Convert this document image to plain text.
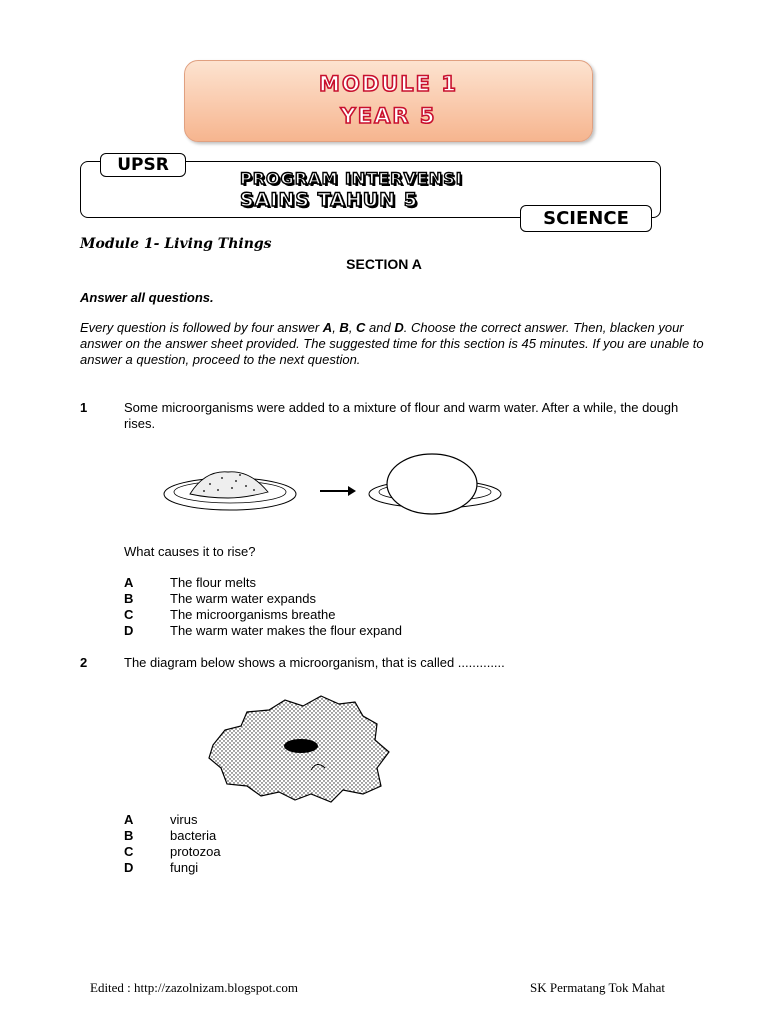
MODULE 1
YEAR 5
UPSR
PROGRAM INTERVENSI
SAINS TAHUN 5
SCIENCE
Module 1- Living Things
SECTION A
Answer all questions.
Every question is followed by four answer A, B, C and D. Choose the correct answer. Then, blacken your answer on the answer sheet provided. The suggested time for this section is 45 minutes. If you are unable to answer a question, proceed to the next question.
1	Some microorganisms were added to a mixture of flour and warm water. After a while, the dough rises.
What causes it to rise?
A	The flour melts
B	The warm water expands
C	The microorganisms breathe
D	The warm water makes the flour expand
2	The diagram below shows a microorganism, that is called .............
A	virus
B	bacteria
C	protozoa
D	fungi
Edited : http://zazolnizam.blogspot.com	SK Permatang Tok Mahat
